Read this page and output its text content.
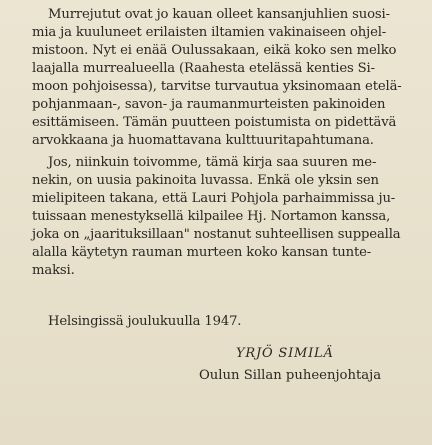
Murrejutut ovat jo kauan olleet kansanjuhlien suosi-
mia ja kuuluneet erilaisten iltamien vakinaiseen ohjel-
mistoon. Nyt ei enää Oulussakaan, eikä koko sen melko
laajalla murrealueella (Raahesta etelässä kenties Si-
moon pohjoisessa), tarvitse turvautua yksinomaan etelä-
pohjanmaan-, savon- ja raumanmurteisten pakinoiden
esittämiseen. Tämän puutteen poistumista on pidettävä
arvokkaana ja huomattavana kulttuuritapahtumana.
Jos, niinkuin toivomme, tämä kirja saa suuren me-
nekin, on uusia pakinoita luvassa. Enkä ole yksin sen
mielipiteen takana, että Lauri Pohjola parhaimmissa ju-
tuissaan menestyksellä kilpailee Hj. Nortamon kanssa,
joka on „jaarituksillaan" nostanut suhteellisen suppealla
alalla käytetyn rauman murteen koko kansan tunte-
maksi.
Helsingissä joulukuulla 1947.
YRJÖ SIMILÄ
Oulun Sillan puheenjohtaja
